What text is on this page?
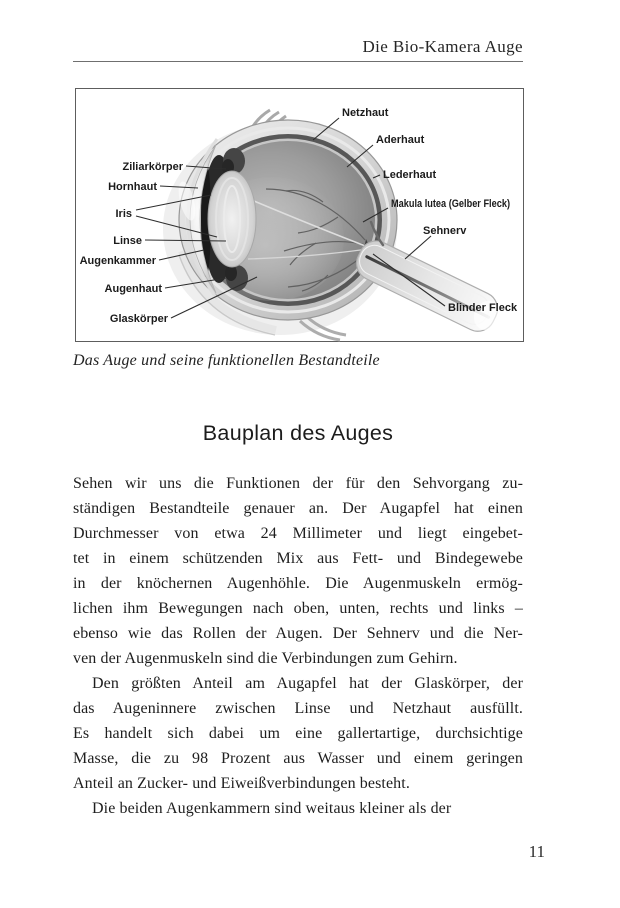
Die Bio-Kamera Auge
Ziliarkörper
Hornhaut
Iris
Linse
Augenkammer
Augenhaut
Glaskörper
Netzhaut
Aderhaut
Lederhaut
Makula lutea (Gelber Fleck)
Sehnerv
Blinder Fleck
Das Auge und seine funktionellen Bestandteile
Bauplan des Auges
Sehen wir uns die Funktionen der für den Sehvorgang zu-
ständigen Bestandteile genauer an. Der Augapfel hat einen
Durchmesser von etwa 24 Millimeter und liegt eingebet-
tet in einem schützenden Mix aus Fett- und Bindegewebe
in der knöchernen Augenhöhle. Die Augenmuskeln ermög-
lichen ihm Bewegungen nach oben, unten, rechts und links –
ebenso wie das Rollen der Augen. Der Sehnerv und die Ner-
ven der Augenmuskeln sind die Verbindungen zum Gehirn.
Den größten Anteil am Augapfel hat der Glaskörper, der
das Augeninnere zwischen Linse und Netzhaut ausfüllt.
Es handelt sich dabei um eine gallertartige, durchsichtige
Masse, die zu 98 Prozent aus Wasser und einem geringen
Anteil an Zucker- und Eiweißverbindungen besteht.
Die beiden Augenkammern sind weitaus kleiner als der
11
